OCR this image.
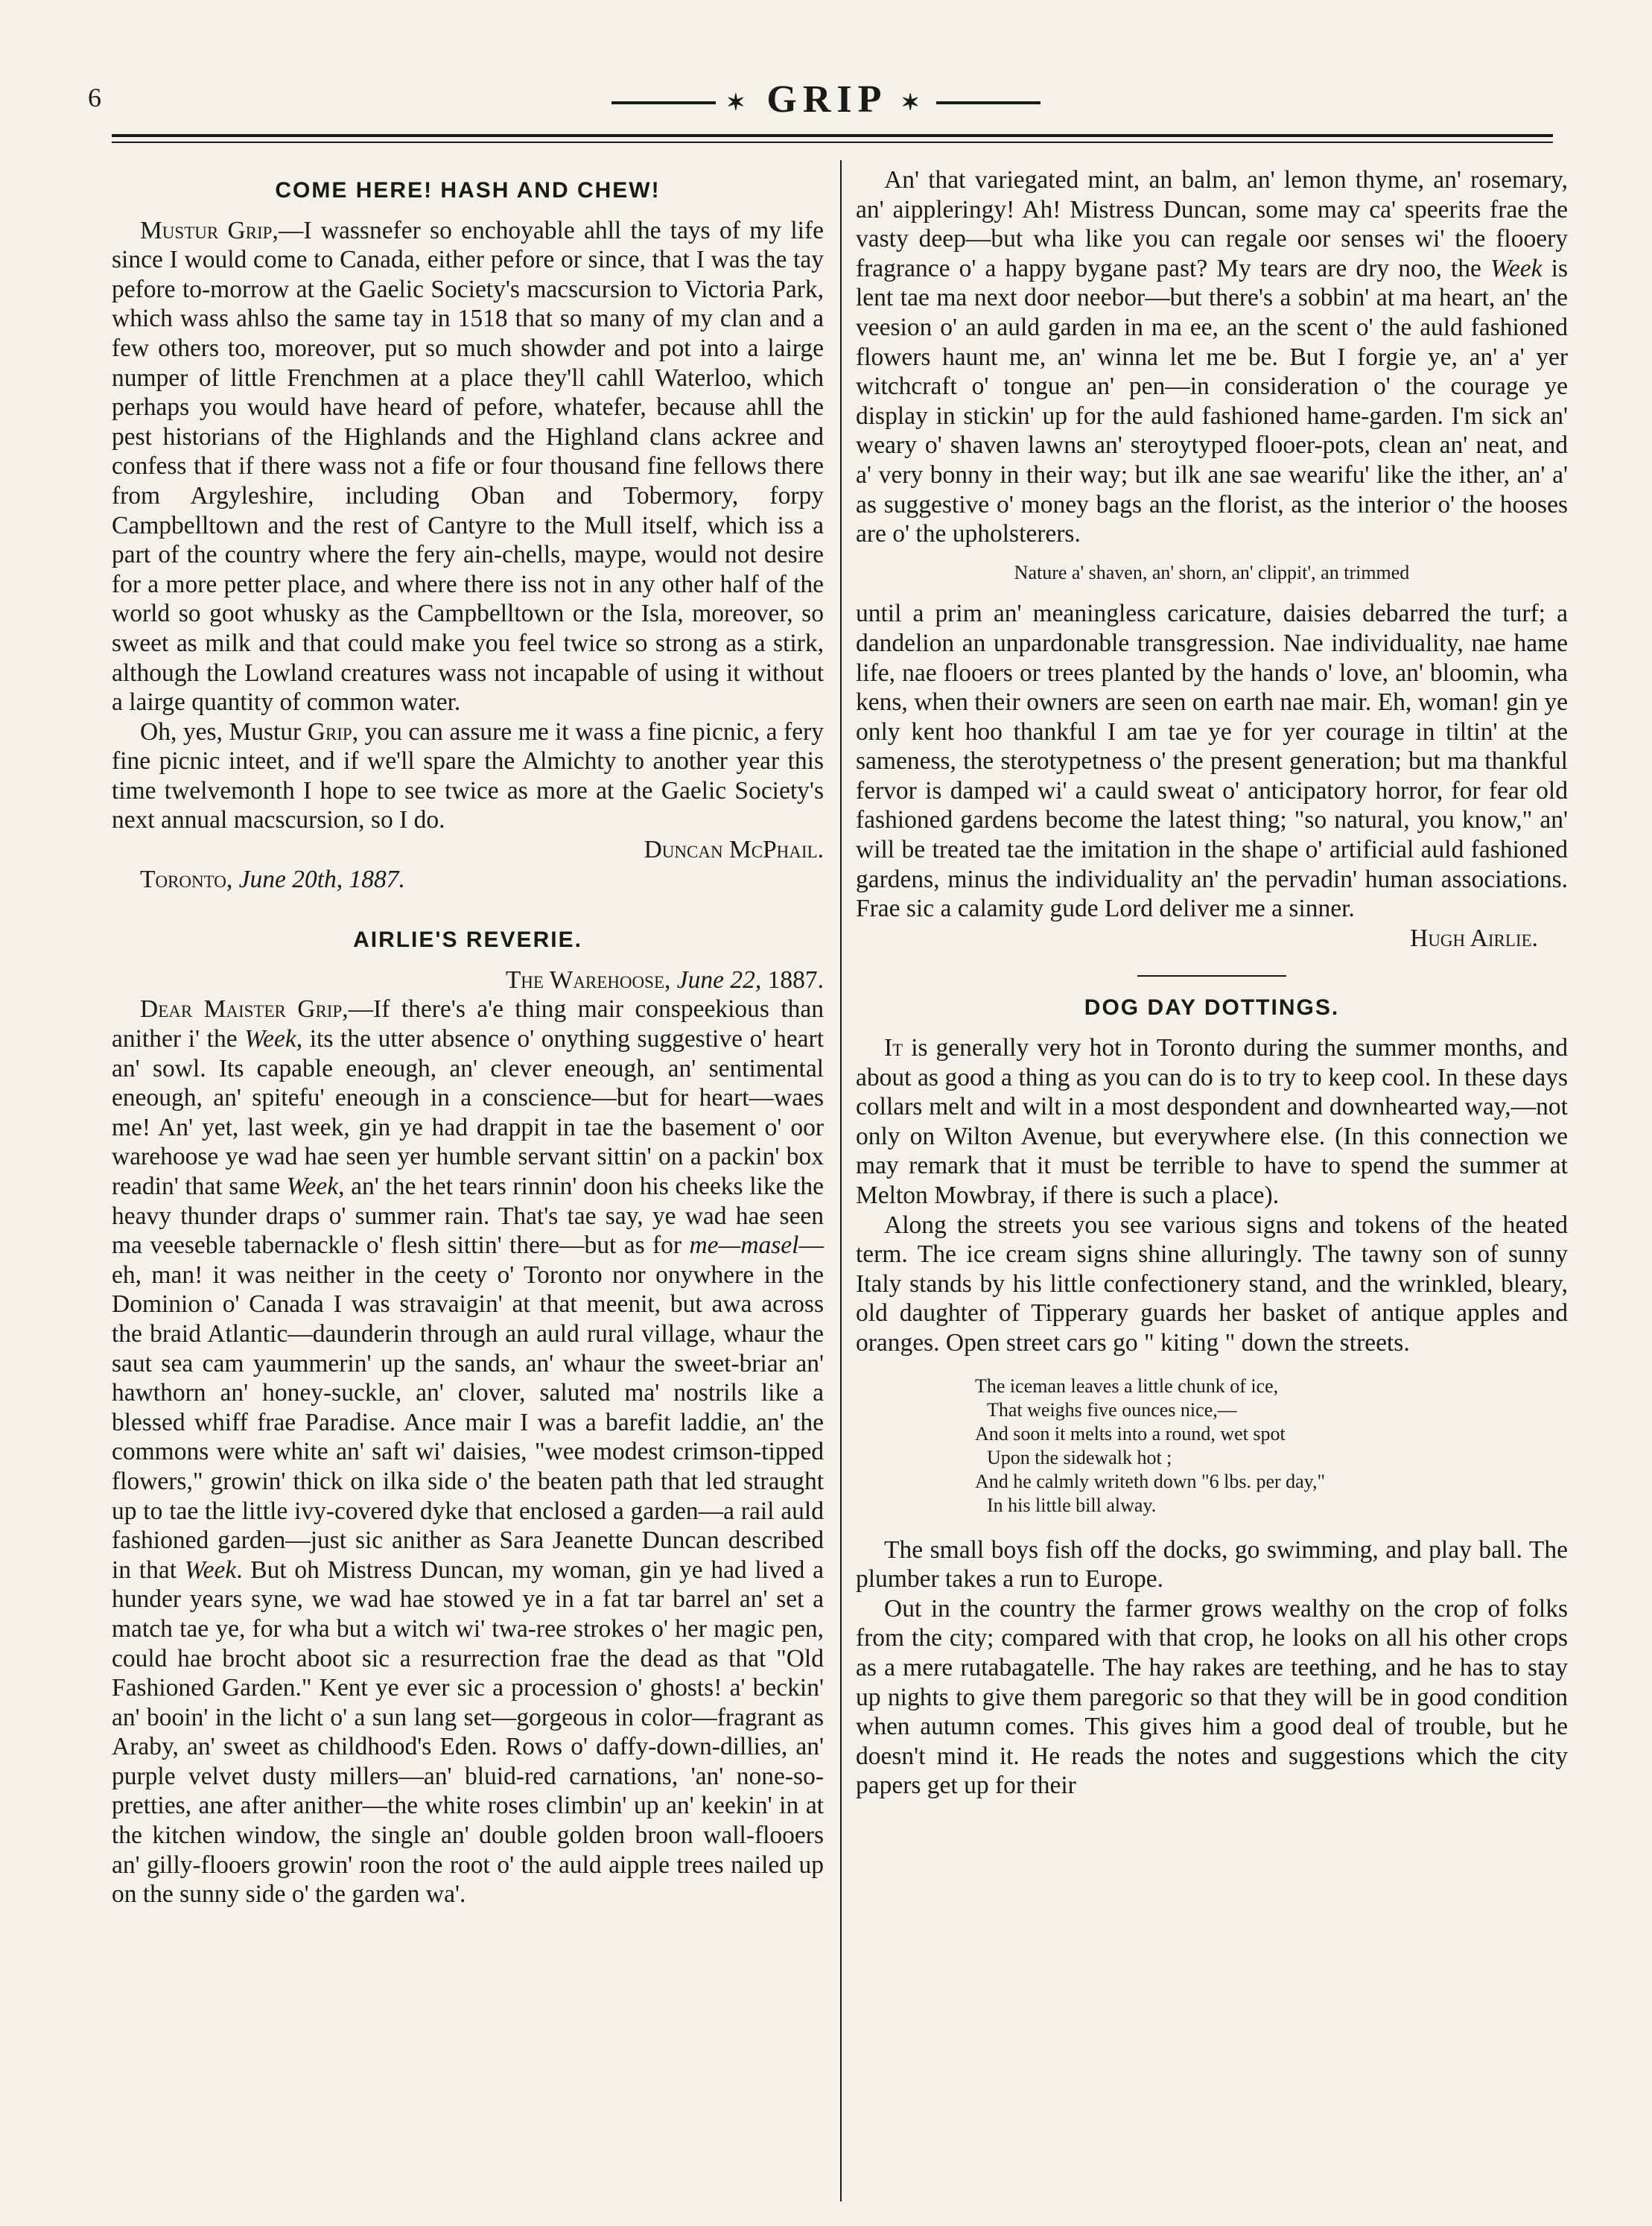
6	✶ GRIP ✶
COME HERE! HASH AND CHEW!

Mustur Grip,—I wassnefer so enchoyable ahll the tays of my life since I would come to Canada, either pefore or since, that I was the tay pefore to-morrow at the Gaelic Society's macscursion to Victoria Park, which wass ahlso the same tay in 1518 that so many of my clan and a few others too, moreover, put so much showder and pot into a lairge numper of little Frenchmen at a place they'll cahll Waterloo, which perhaps you would have heard of pefore, whatefer, because ahll the pest historians of the Highlands and the Highland clans ackree and confess that if there wass not a fife or four thousand fine fellows there from Argyleshire, including Oban and Tobermory, forpy Campbelltown and the rest of Cantyre to the Mull itself, which iss a part of the country where the fery ain-chells, maype, would not desire for a more petter place, and where there iss not in any other half of the world so goot whusky as the Campbelltown or the Isla, moreover, so sweet as milk and that could make you feel twice so strong as a stirk, although the Lowland creatures wass not incapable of using it without a lairge quantity of common water.

Oh, yes, Mustur Grip, you can assure me it wass a fine picnic, a fery fine picnic inteet, and if we'll spare the Almichty to another year this time twelvemonth I hope to see twice as more at the Gaelic Society's next annual macscursion, so I do.

Duncan McPhail.

Toronto, June 20th, 1887.

AIRLIE'S REVERIE.

The Warehoose, June 22, 1887.

Dear Maister Grip,—If there's a'e thing mair conspeekious than anither i' the Week, its the utter absence o' onything suggestive o' heart an' sowl. Its capable eneough, an' clever eneough, an' sentimental eneough, an' spitefu' eneough in a conscience—but for heart—waes me! An' yet, last week, gin ye had drappit in tae the basement o' oor warehoose ye wad hae seen yer humble servant sittin' on a packin' box readin' that same Week, an' the het tears rinnin' doon his cheeks like the heavy thunder draps o' summer rain. That's tae say, ye wad hae seen ma veeseble tabernackle o' flesh sittin' there—but as for me—masel—eh, man! it was neither in the ceety o' Toronto nor onywhere in the Dominion o' Canada I was stravaigin' at that meenit, but awa across the braid Atlantic—daunderin through an auld rural village, whaur the saut sea cam yaummerin' up the sands, an' whaur the sweet-briar an' hawthorn an' honey-suckle, an' clover, saluted ma' nostrils like a blessed whiff frae Paradise. Ance mair I was a barefit laddie, an' the commons were white an' saft wi' daisies, "wee modest crimson-tipped flowers," growin' thick on ilka side o' the beaten path that led straught up to tae the little ivy-covered dyke that enclosed a garden—a rail auld fashioned garden—just sic anither as Sara Jeanette Duncan described in that Week. But oh Mistress Duncan, my woman, gin ye had lived a hunder years syne, we wad hae stowed ye in a fat tar barrel an' set a match tae ye, for wha but a witch wi' twa-ree strokes o' her magic pen, could hae brocht aboot sic a resurrection frae the dead as that "Old Fashioned Garden." Kent ye ever sic a procession o' ghosts! a' beckin' an' booin' in the licht o' a sun lang set—gorgeous in color—fragrant as Araby, an' sweet as childhood's Eden. Rows o' daffy-down-dillies, an' purple velvet dusty millers—an' bluid-red carnations, 'an' none-so-pretties, ane after anither—the white roses climbin' up an' keekin' in at the kitchen window, the single an' double golden broon wall-flooers an' gilly-flooers growin' roon the root o' the auld aipple trees nailed up on the sunny side o' the garden wa'.

An' that variegated mint, an balm, an' lemon thyme, an' rosemary, an' aippleringy! Ah! Mistress Duncan, some may ca' speerits frae the vasty deep—but wha like you can regale oor senses wi' the flooery fragrance o' a happy bygane past? My tears are dry noo, the Week is lent tae ma next door neebor—but there's a sobbin' at ma heart, an' the veesion o' an auld garden in ma ee, an the scent o' the auld fashioned flowers haunt me, an' winna let me be. But I forgie ye, an' a' yer witchcraft o' tongue an' pen—in consideration o' the courage ye display in stickin' up for the auld fashioned hame-garden. I'm sick an' weary o' shaven lawns an' steroytyped flooer-pots, clean an' neat, and a' very bonny in their way; but ilk ane sae wearifu' like the ither, an' a' as suggestive o' money bags an the florist, as the interior o' the hooses are o' the upholsterers.

Nature a' shaven, an' shorn, an' clippit', an trimmed

until a prim an' meaningless caricature, daisies debarred the turf; a dandelion an unpardonable transgression. Nae individuality, nae hame life, nae flooers or trees planted by the hands o' love, an' bloomin, wha kens, when their owners are seen on earth nae mair. Eh, woman! gin ye only kent hoo thankful I am tae ye for yer courage in tiltin' at the sameness, the sterotypetness o' the present generation; but ma thankful fervor is damped wi' a cauld sweat o' anticipatory horror, for fear old fashioned gardens become the latest thing; "so natural, you know," an' will be treated tae the imitation in the shape o' artificial auld fashioned gardens, minus the individuality an' the pervadin' human associations. Frae sic a calamity gude Lord deliver me a sinner.

Hugh Airlie.

DOG DAY DOTTINGS.

It is generally very hot in Toronto during the summer months, and about as good a thing as you can do is to try to keep cool. In these days collars melt and wilt in a most despondent and downhearted way,—not only on Wilton Avenue, but everywhere else. (In this connection we may remark that it must be terrible to have to spend the summer at Melton Mowbray, if there is such a place).

Along the streets you see various signs and tokens of the heated term. The ice cream signs shine alluringly. The tawny son of sunny Italy stands by his little confectionery stand, and the wrinkled, bleary, old daughter of Tipperary guards her basket of antique apples and oranges. Open street cars go " kiting " down the streets.

The iceman leaves a little chunk of ice,
That weighs five ounces nice,—
And soon it melts into a round, wet spot
Upon the sidewalk hot ;
And he calmly writeth down "6 lbs. per day,"
In his little bill alway.

The small boys fish off the docks, go swimming, and play ball. The plumber takes a run to Europe.

Out in the country the farmer grows wealthy on the crop of folks from the city; compared with that crop, he looks on all his other crops as a mere rutabagatelle. The hay rakes are teething, and he has to stay up nights to give them paregoric so that they will be in good condition when autumn comes. This gives him a good deal of trouble, but he doesn't mind it. He reads the notes and suggestions which the city papers get up for their
